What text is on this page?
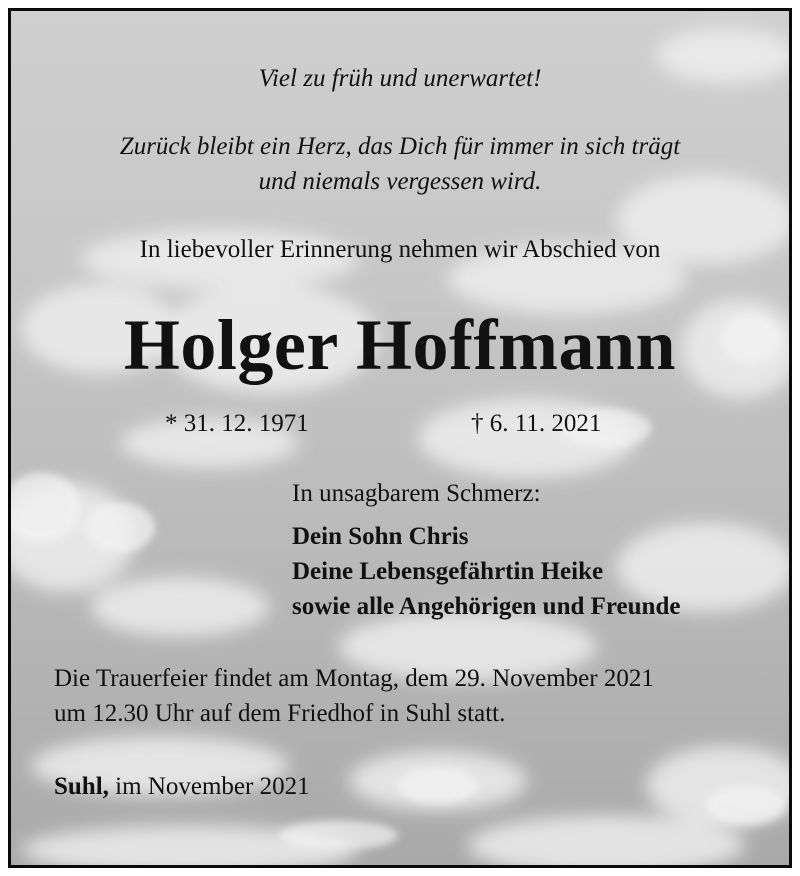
Viel zu früh und unerwartet!
Zurück bleibt ein Herz, das Dich für immer in sich trägt
und niemals vergessen wird.
In liebevoller Erinnerung nehmen wir Abschied von
Holger Hoffmann
* 31. 12. 1971	† 6. 11. 2021
In unsagbarem Schmerz:
Dein Sohn Chris
Deine Lebensgefährtin Heike
sowie alle Angehörigen und Freunde
Die Trauerfeier findet am Montag, dem 29. November 2021
um 12.30 Uhr auf dem Friedhof in Suhl statt.
Suhl, im November 2021
